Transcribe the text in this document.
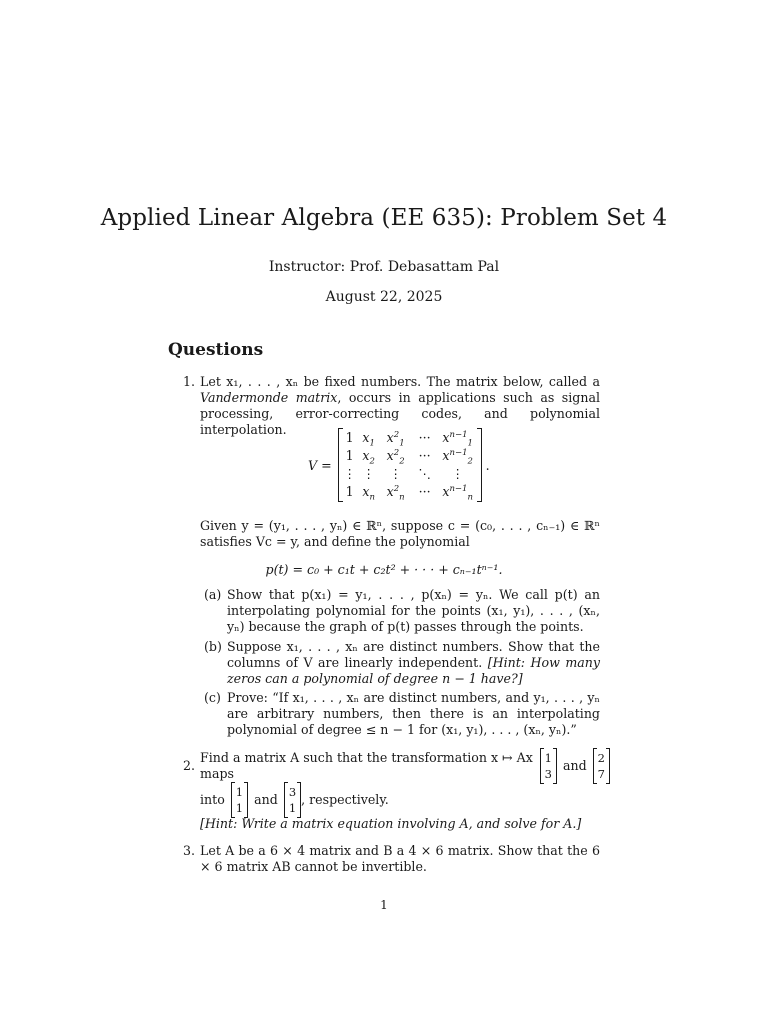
Applied Linear Algebra (EE 635): Problem Set 4
Instructor: Prof. Debasattam Pal
August 22, 2025
Questions
1. Let x₁, . . . , xₙ be fixed numbers. The matrix below, called a Vandermonde matrix, occurs in applications such as signal processing, error-correcting codes, and polynomial interpolation.
V =
1 $x_1$ $x^2_1$	··· $x^{n-1}_1$
1 $x_2$ $x^2_2$	··· $x^{n-1}_2$
⋮ ⋮	⋮	⋱	⋮
1 $x_n$ $x^2_n$	··· $x^{n-1}_n$
.
Given y = (y₁, . . . , yₙ) ∈ ℝⁿ, suppose c = (c₀, . . . , cₙ₋₁) ∈ ℝⁿ satisfies Vc = y, and define the polynomial
p(t) = c₀ + c₁t + c₂t² + · · · + cₙ₋₁tⁿ⁻¹.
(a) Show that p(x₁) = y₁, . . . , p(xₙ) = yₙ. We call p(t) an interpolating polynomial for the points (x₁, y₁), . . . , (xₙ, yₙ) because the graph of p(t) passes through the points.
(b) Suppose x₁, . . . , xₙ are distinct numbers. Show that the columns of V are linearly independent. [Hint: How many zeros can a polynomial of degree n − 1 have?]
(c) Prove: “If x₁, . . . , xₙ are distinct numbers, and y₁, . . . , yₙ are arbitrary numbers, then there is an interpolating polynomial of degree ≤ n − 1 for (x₁, y₁), . . . , (xₙ, yₙ).”
2.
Find a matrix A such that the transformation x ↦ Ax maps
1
3
and 2
7
into 1
1
and 3
1
, respectively.
[Hint: Write a matrix equation involving A, and solve for A.]
3. Let A be a 6 × 4 matrix and B a 4 × 6 matrix. Show that the 6 × 6 matrix AB cannot be invertible.
1
